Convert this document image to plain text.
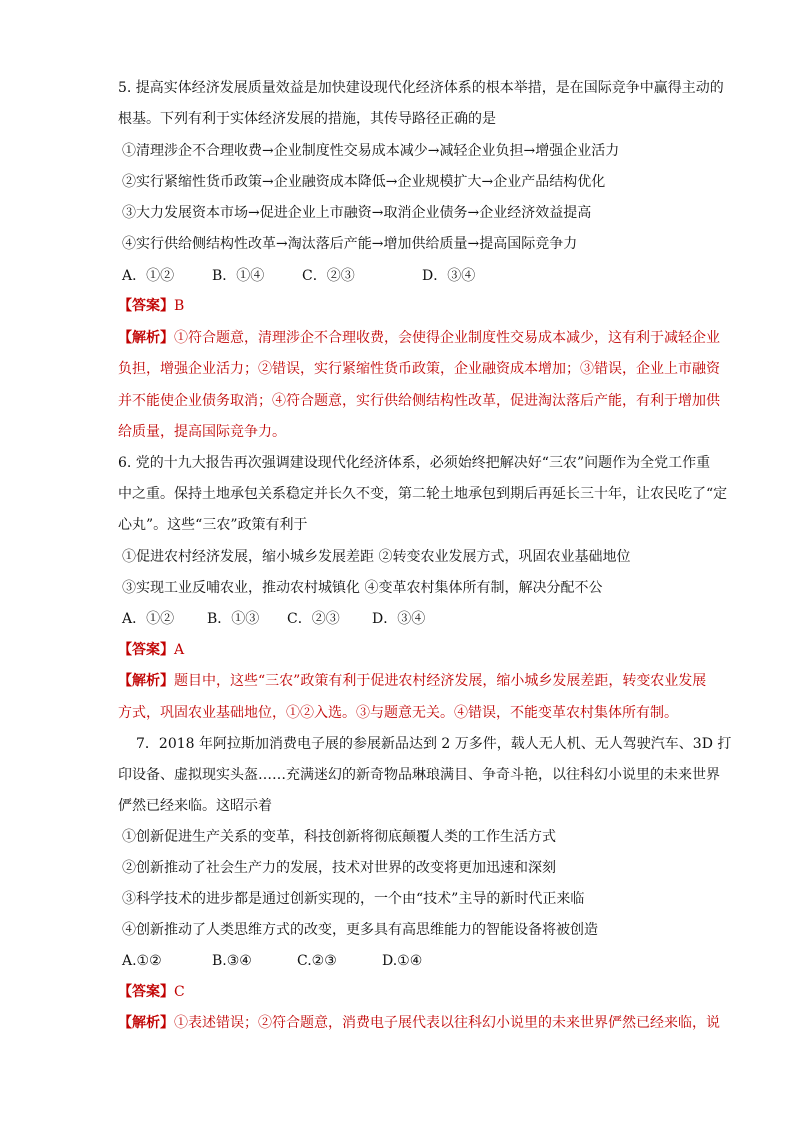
5. 提高实体经济发展质量效益是加快建设现代化经济体系的根本举措，是在国际竞争中赢得主动的
根基。下列有利于实体经济发展的措施，其传导路径正确的是
①清理涉企不合理收费→企业制度性交易成本减少→减轻企业负担→增强企业活力
②实行紧缩性货币政策→企业融资成本降低→企业规模扩大→企业产品结构优化
③大力发展资本市场→促进企业上市融资→取消企业债务→企业经济效益提高
④实行供给侧结构性改革→淘汰落后产能→增加供给质量→提高国际竞争力
A．①②	B．①④	C．②③	D．③④
【答案】B
【解析】①符合题意，清理涉企不合理收费，会使得企业制度性交易成本减少，这有利于减轻企业
负担，增强企业活力；②错误，实行紧缩性货币政策，企业融资成本增加；③错误，企业上市融资
并不能使企业债务取消；④符合题意，实行供给侧结构性改革，促进淘汰落后产能，有利于增加供
给质量，提高国际竞争力。
6. 党的十九大报告再次强调建设现代化经济体系，必须始终把解决好“三农”问题作为全党工作重
中之重。保持土地承包关系稳定并长久不变，第二轮土地承包到期后再延长三十年，让农民吃了“定
心丸”。这些“三农”政策有利于
①促进农村经济发展，缩小城乡发展差距 ②转变农业发展方式，巩固农业基础地位
③实现工业反哺农业，推动农村城镇化 ④变革农村集体所有制，解决分配不公
A．①② B．①③ C．②③ D．③④
【答案】A
【解析】题目中，这些“三农”政策有利于促进农村经济发展，缩小城乡发展差距，转变农业发展
方式，巩固农业基础地位，①②入选。③与题意无关。④错误，不能变革农村集体所有制。
7．2018 年阿拉斯加消费电子展的参展新品达到 2 万多件，载人无人机、无人驾驶汽车、3D 打
印设备、虚拟现实头盔……充满迷幻的新奇物品琳琅满目、争奇斗艳，以往科幻小说里的未来世界
俨然已经来临。这昭示着
①创新促进生产关系的变革，科技创新将彻底颠覆人类的工作生活方式
②创新推动了社会生产力的发展，技术对世界的改变将更加迅速和深刻
③科学技术的进步都是通过创新实现的，一个由“技术”主导的新时代正来临
④创新推动了人类思维方式的改变，更多具有高思维能力的智能设备将被创造
A.①②	B.③④	C.②③	D.①④
【答案】C
【解析】①表述错误；②符合题意，消费电子展代表以往科幻小说里的未来世界俨然已经来临，说
